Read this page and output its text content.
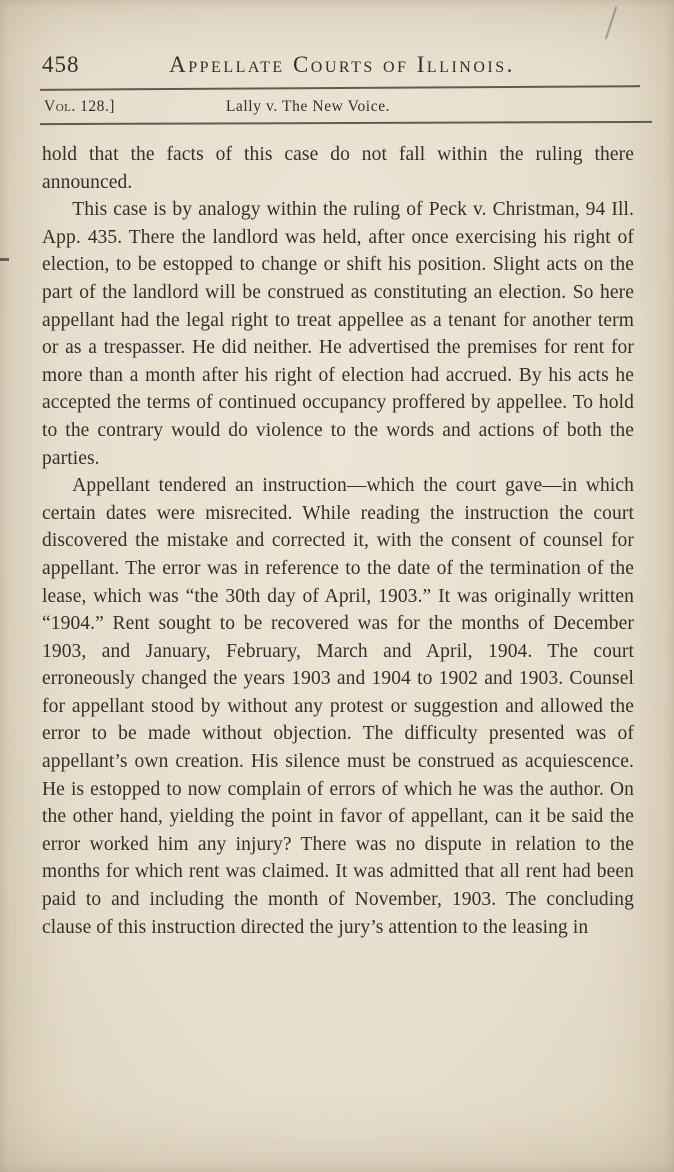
458	Appellate Courts of Illinois.
Vol. 128.]	Lally v. The New Voice.

hold that the facts of this case do not fall within the ruling there announced.

This case is by analogy within the ruling of Peck v. Christman, 94 Ill. App. 435. There the landlord was held, after once exercising his right of election, to be estopped to change or shift his position. Slight acts on the part of the landlord will be construed as constituting an election. So here appellant had the legal right to treat appellee as a tenant for another term or as a trespasser. He did neither. He advertised the premises for rent for more than a month after his right of election had accrued. By his acts he accepted the terms of continued occupancy proffered by appellee. To hold to the contrary would do violence to the words and actions of both the parties.

Appellant tendered an instruction—which the court gave—in which certain dates were misrecited. While reading the instruction the court discovered the mistake and corrected it, with the consent of counsel for appellant. The error was in reference to the date of the termination of the lease, which was “the 30th day of April, 1903.” It was originally written “1904.” Rent sought to be recovered was for the months of December 1903, and January, February, March and April, 1904. The court erroneously changed the years 1903 and 1904 to 1902 and 1903. Counsel for appellant stood by without any protest or suggestion and allowed the error to be made without objection. The difficulty presented was of appellant’s own creation. His silence must be construed as acquiescence. He is estopped to now complain of errors of which he was the author. On the other hand, yielding the point in favor of appellant, can it be said the error worked him any injury? There was no dispute in relation to the months for which rent was claimed. It was admitted that all rent had been paid to and including the month of November, 1903. The concluding clause of this instruction directed the jury’s attention to the leasing in
